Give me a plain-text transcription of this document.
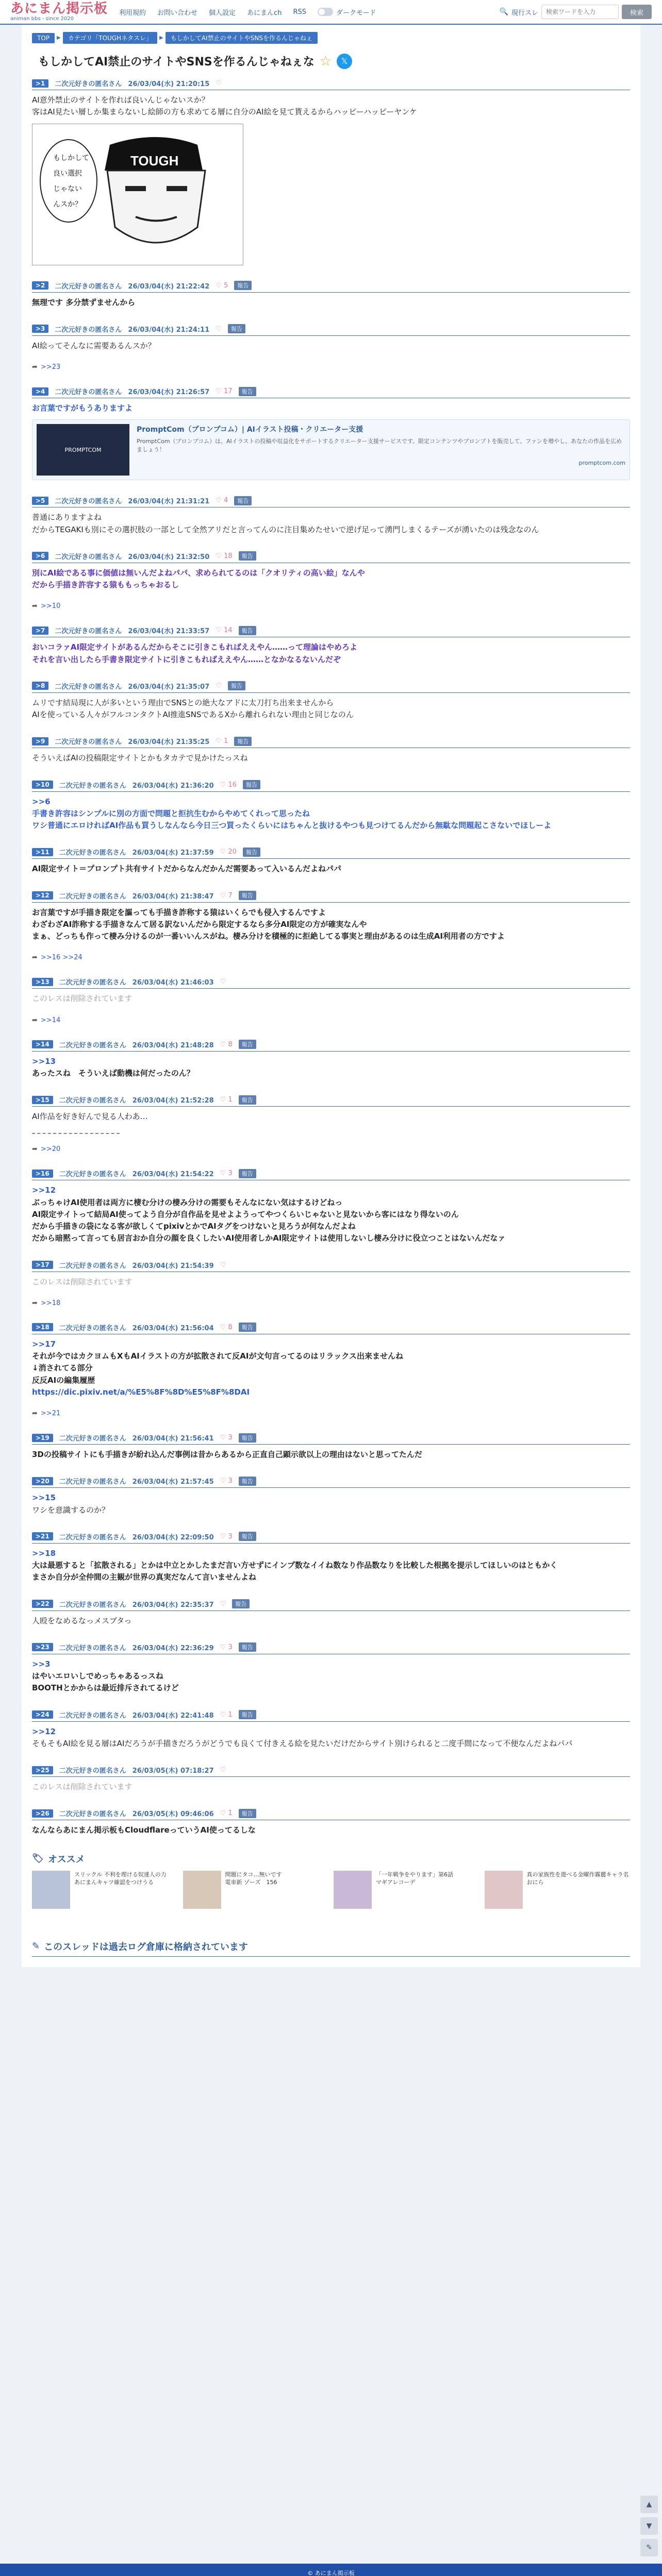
あにまん掲示板
animan bbs - since 2020
利用規約 お問い合わせ 個人設定 あにまんch RSS	ダークモード	🔍 現行スレ
検索ワードを入力	検索
TOP	▶	カテゴリ「TOUGHネタスレ」	▶	もしかしてAI禁止のサイトやSNSを作るんじゃねぇ
もしかしてAI禁止のサイトやSNSを作るんじゃねぇな ☆	𝕏
>1	二次元好きの匿名さん 26/03/04(水) 21:20:15 ♡
AI意外禁止のサイトを作れば良いんじゃないスか？
客はAI見たい層しか集まらないし絵師の方も求めてる層に自分のAI絵を見て貰えるからハッピーハッピーヤンケ
TOUGH
もしかして
良い選択
じゃない
んスか？
>2	二次元好きの匿名さん 26/03/04(水) 21:22:42 ♡ 5	報告
無理です 多分禁ずませんから
>3	二次元好きの匿名さん 26/03/04(水) 21:24:11 ♡	報告
AI絵ってそんなに需要あるんスか？
➦ >>23
>4	二次元好きの匿名さん 26/03/04(水) 21:26:57 ♡ 17	報告
お言葉ですがもうありますよ
PROMPTCOM
PromptCom（プロンプコム）| AIイラスト投稿・クリエーター支援
PromptCom（プロンプコム）は、AIイラストの投稿や収益化をサポートするクリエーター支援サービスです。限定コンテンツやプロンプトを販売して、ファンを増やし、あなたの作品を広めましょう！
promptcom.com
>5	二次元好きの匿名さん 26/03/04(水) 21:31:21 ♡ 4	報告
普通にありますよね
だからTEGAKIも別にその選択肢の一部として全然アリだと言ってんのに注目集めたせいで逆げ足って湧門しまくるテーズが湧いたのは残念なのん
>6	二次元好きの匿名さん 26/03/04(水) 21:32:50 ♡ 18	報告
別にAI絵である事に価値は無いんだよねパパ、求められてるのは「クオリティの高い絵」なんや
だから手描き許容する猿ももっちゃおるし
➦ >>10
>7	二次元好きの匿名さん 26/03/04(水) 21:33:57 ♡ 14	報告
おいコラァAI限定サイトがあるんだからそこに引きこもればええやん……って理論はやめろよ
それを言い出したら手書き限定サイトに引きこもればええやん……となかなるないんだぞ
>8	二次元好きの匿名さん 26/03/04(水) 21:35:07 ♡	報告
ムリです結局現に人が多いという理由でSNSとの絶大なアドに太刀打ち出来ませんから
AIを使っている人々がフルコンタクトAI推進SNSであるXから離れられない理由と同じなのん
>9	二次元好きの匿名さん 26/03/04(水) 21:35:25 ♡ 1	報告
そういえばAIの投稿限定サイトとかもタカテで見かけたっスね
>10	二次元好きの匿名さん 26/03/04(水) 21:36:20 ♡ 16	報告
>>6
手書き許容はシンプルに別の方面で問題と拒抗生むからやめてくれって思ったね
ワシ普通にエロければAI作品も買うしなんなら今日三つ買ったくらいにはちゃんと抜けるやつも見つけてるんだから無駄な問題起こさないでほしーよ
>11	二次元好きの匿名さん 26/03/04(水) 21:37:59 ♡ 20	報告
AI限定サイト＝プロンプト共有サイトだからなんだかんだ需要あって入いるんだよねパパ
>12	二次元好きの匿名さん 26/03/04(水) 21:38:47 ♡ 7	報告
お言葉ですが手描き限定を謳っても手描き詐称する猿はいくらでも侵入するんですよ
わざわざAI詐称する手描きなんて居る訳ないんだから限定するなら多分AI限定の方が確実なんや
まぁ、どっちも作って棲み分けるのが一番いいんスがね。棲み分けを積極的に拒絶してる事実と理由があるのは生成AI利用者の方ですよ
➦ >>16 >>24
>13	二次元好きの匿名さん 26/03/04(水) 21:46:03 ♡
このレスは削除されています
➦ >>14
>14	二次元好きの匿名さん 26/03/04(水) 21:48:28 ♡ 8	報告
>>13
あったスね　そういえば動機は何だったのん？
>15	二次元好きの匿名さん 26/03/04(水) 21:52:28 ♡ 1	報告
AI作品を好き好んで見る人わあ…
➦ >>20
>16	二次元好きの匿名さん 26/03/04(水) 21:54:22 ♡ 3	報告
>>12
ぶっちゃけAI使用者は両方に棲む分けの棲み分けの需要もそんなにない気はするけどねっ
AI限定サイトって結局AI使ってよう自分が自作品を見せよようってやつくらいじゃないと見ないから客にはなり得ないのん
だから手描きの袋になる客が欲しくてpixivとかでAIタグをつけないと見ろうが何なんだよね
だから暗黙って言っても居言おか自分の顔を良くしたいAI使用者しかAI限定サイトは使用しないし棲み分けに役立つことはないんだなァ
>17	二次元好きの匿名さん 26/03/04(水) 21:54:39 ♡
このレスは削除されています
➦ >>18
>18	二次元好きの匿名さん 26/03/04(水) 21:56:04 ♡ 8	報告
>>17
それが今ではカクヨムもXもAIイラストの方が拡散されて反AIが文句言ってるのはリラックス出来ませんね
↓消されてる部分
反反AIの編集履歴
https://dic.pixiv.net/a/%E5%8F%8D%E5%8F%8DAI
➦ >>21
>19	二次元好きの匿名さん 26/03/04(水) 21:56:41 ♡ 3	報告
3Dの投稿サイトにも手描きが紛れ込んだ事例は昔からあるから正直自己顕示欲以上の理由はないと思ってたんだ
>20	二次元好きの匿名さん 26/03/04(水) 21:57:45 ♡ 3	報告
>>15
ワシを意識するのか？
>21	二次元好きの匿名さん 26/03/04(水) 22:09:50 ♡ 3	報告
>>18
大は最悪すると「拡散される」とかは中立とかしたまだ言い方せずにインプ数なイイね数なり作品数なりを比較した根拠を提示してほしいのはともかく
まさか自分が全仲間の主観が世界の真実だなんて言いませんよね
>22	二次元好きの匿名さん 26/03/04(水) 22:35:37 ♡	報告
人殴をなめるなっメスブタっ
>23	二次元好きの匿名さん 26/03/04(水) 22:36:29 ♡ 3	報告
>>3
はやいエロいしでめっちゃあるっスね
BOOTHとかからは最近排斥されてるけど
>24	二次元好きの匿名さん 26/03/04(水) 22:41:48 ♡ 1	報告
>>12
そもそもAI絵を見る層はAIだろうが手描きだろうがどうでも良くて付きえる絵を見たいだけだからサイト別けられると二度手間になって不便なんだよねパパ
>25	二次元好きの匿名さん 26/03/05(木) 07:18:27 ♡
このレスは削除されています
>26	二次元好きの匿名さん 26/03/05(木) 09:46:06 ♡ 1	報告
なんならあにまん掲示板もCloudflareっていうAI使ってるしな
🏷 オススメ
スリックル 不利を理ける奴達人の力
あにまんキャツ確認をつけうる
問題にタコ…無いです
電車新 ゾーズ　156
「一年戦争をやります」第6話
マギアレコーデ
真の家族性を遊べる金曜作霧麗キャラ名
おにら
✎ このスレッドは過去ログ倉庫に格納されています
▲
▼
✎
© あにまん掲示板
